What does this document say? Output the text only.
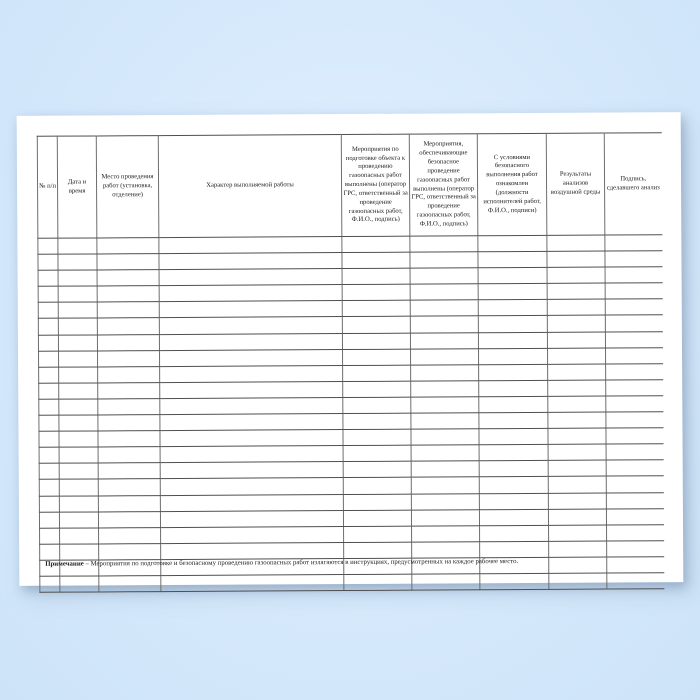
№ п/п	Дата и время	Место проведения работ (установка, отделение)	Характер выполняемой работы	Мероприятия по подготовке объекта к проведению газоопасных работ выполнены (оператор ГРС, ответственный за проведение газоопасных работ, Ф.И.О., подпись)	Мероприятия, обеспечивающие безопасное проведение газоопасных работ выполнены (оператор ГРС, ответственный за проведение газоопасных работ, Ф.И.О., подпись)	С условиями безопасного выполнения работ ознакомлен (должности исполнителей работ, Ф.И.О., подписи)	Результаты анализов воздушной среды	Подпись, сделавшего анализ

Примечание – Мероприятия по подготовке и безопасному проведению газоопасных работ излагаются в инструкциях, предусмотренных на каждое рабочее место.
